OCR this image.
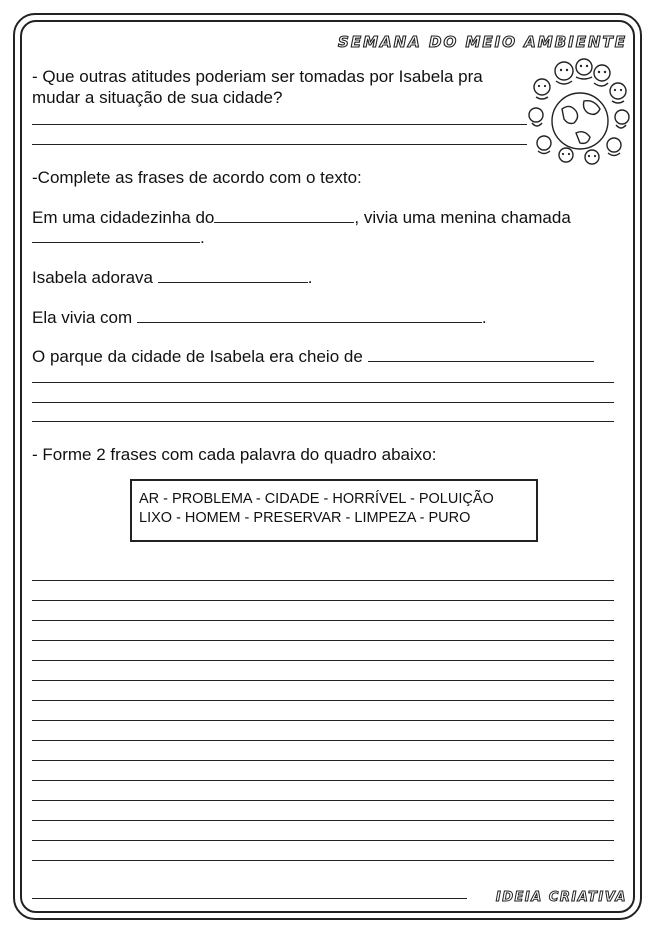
SEMANA DO MEIO AMBIENTE
- Que outras atitudes poderiam ser tomadas por Isabela pra
mudar a situação de sua cidade?
-Complete as frases de acordo com o texto:
Em uma cidadezinha do	, vivia uma menina chamada
.
Isabela adorava	.
Ela vivia com	.
O parque da cidade de Isabela era cheio de
- Forme 2 frases com cada palavra do quadro abaixo:
AR - PROBLEMA - CIDADE - HORRÍVEL - POLUIÇÃO
LIXO - HOMEM - PRESERVAR - LIMPEZA - PURO
IDEIA CRIATIVA
